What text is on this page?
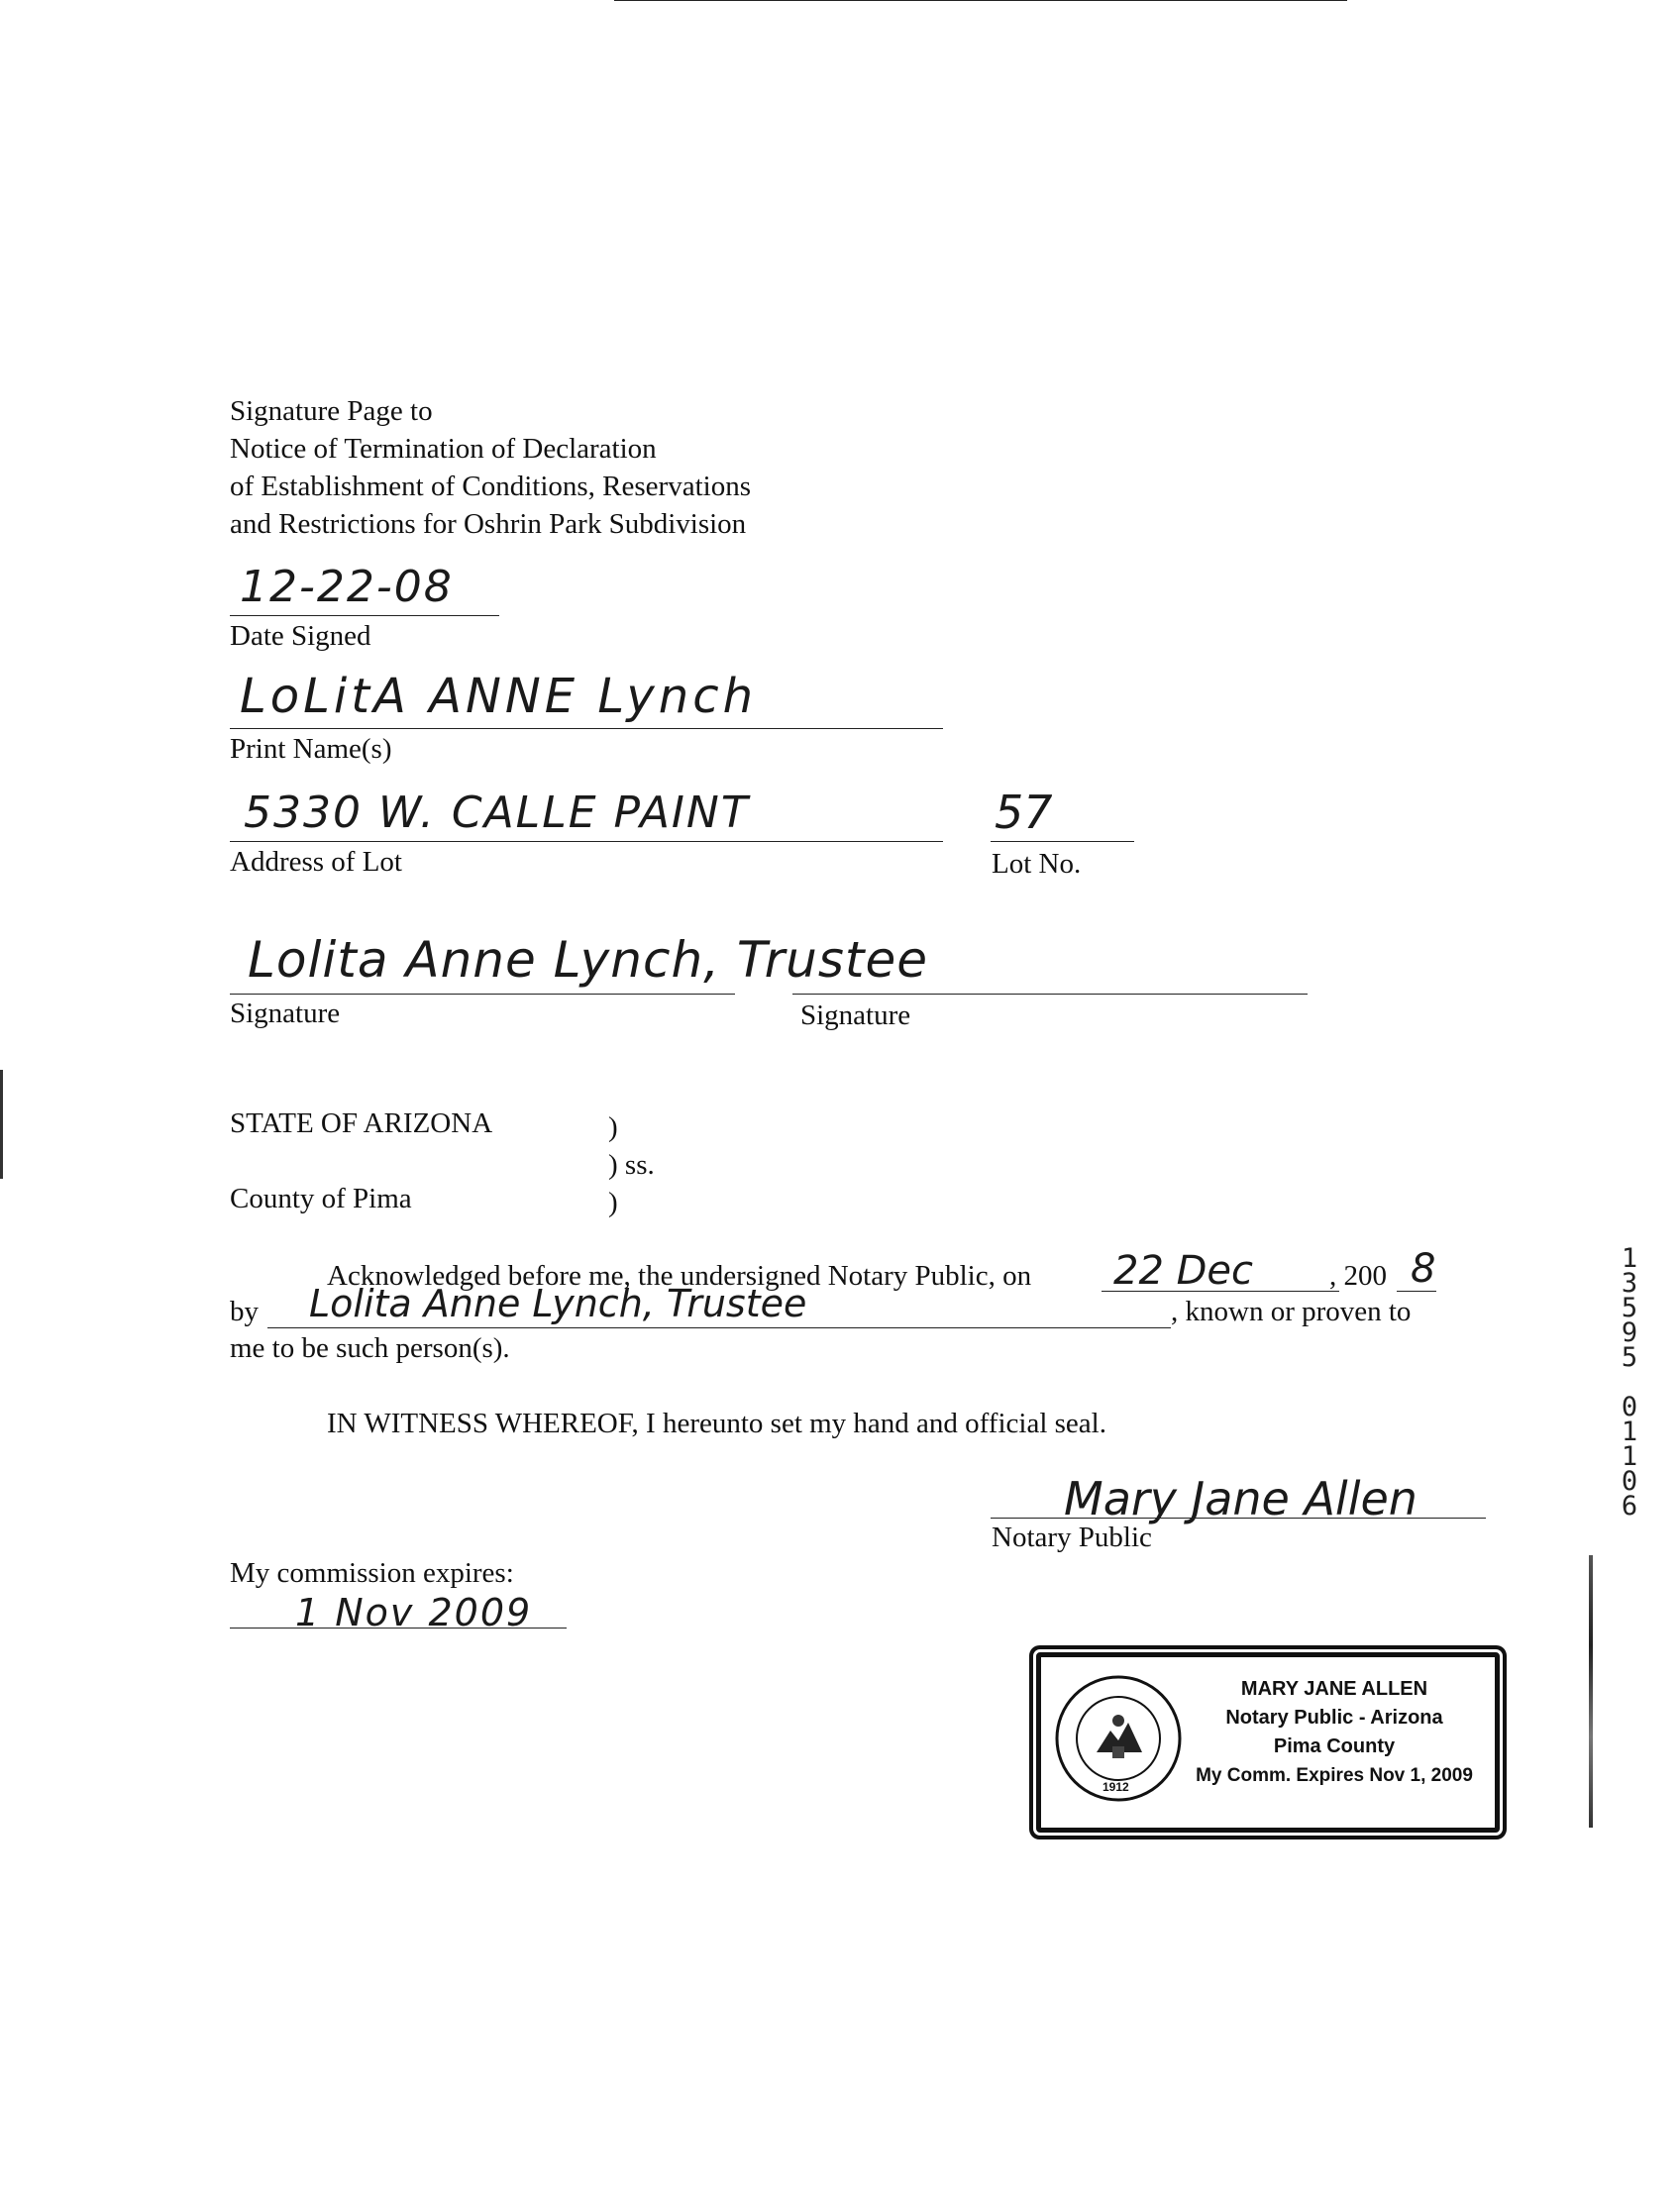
Signature Page to
Notice of Termination of Declaration
of Establishment of Conditions, Reservations
and Restrictions for Oshrin Park Subdivision
12-22-08
Date Signed
LoLitA ANNE Lynch
Print Name(s)
5330 W. CALLE PAINT
Address of Lot
57
Lot No.
Lolita Anne Lynch, Trustee
Signature	Signature
STATE OF ARIZONA	)
) ss.
County of Pima	)
Acknowledged before me, the undersigned Notary Public, on 22 Dec	, 200 8
by Lolita Anne Lynch, Trustee	, known or proven to
me to be such person(s).
IN WITNESS WHEREOF, I hereunto set my hand and official seal.
Mary Jane Allen
Notary Public
My commission expires:
1 Nov 2009
1912
MARY JANE ALLEN
Notary Public - Arizona
Pima County
My Comm. Expires Nov 1, 2009
1
3
5
9
5
0
1
1
0
6
